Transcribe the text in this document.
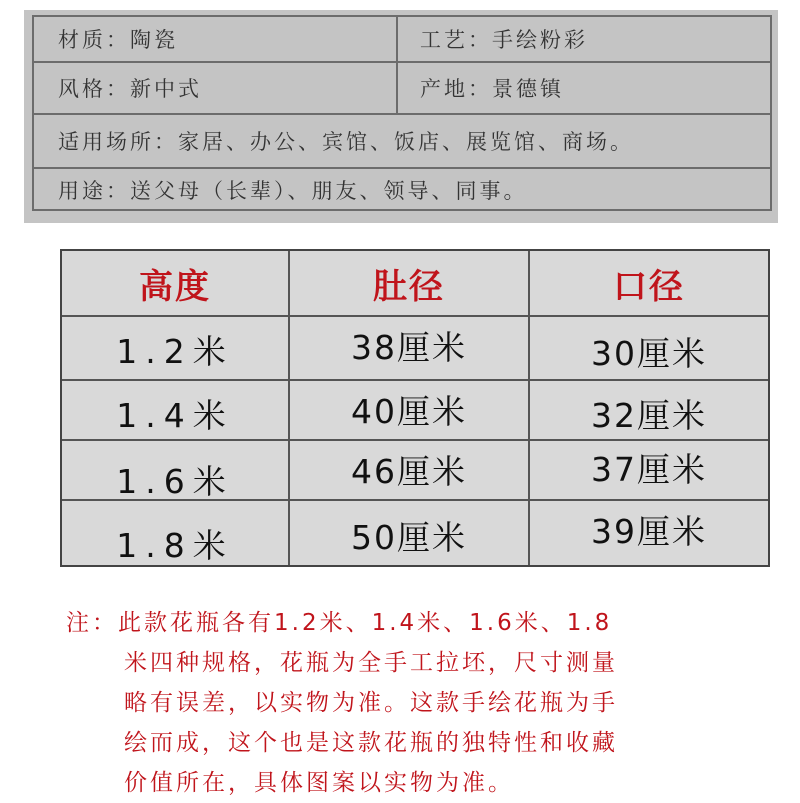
材质：陶瓷	工艺：手绘粉彩
风格：新中式	产地：景德镇
适用场所：家居、办公、宾馆、饭店、展览馆、商场。
用途：送父母（长辈）、朋友、领导、同事。
高度	肚径	口径
1.2米	38厘米	30厘米
1.4米	40厘米	32厘米
1.6米	46厘米	37厘米
1.8米	50厘米	39厘米
注：此款花瓶各有1.2米、1.4米、1.6米、1.8
米四种规格，花瓶为全手工拉坯，尺寸测量
略有误差，以实物为准。这款手绘花瓶为手
绘而成，这个也是这款花瓶的独特性和收藏
价值所在，具体图案以实物为准。
